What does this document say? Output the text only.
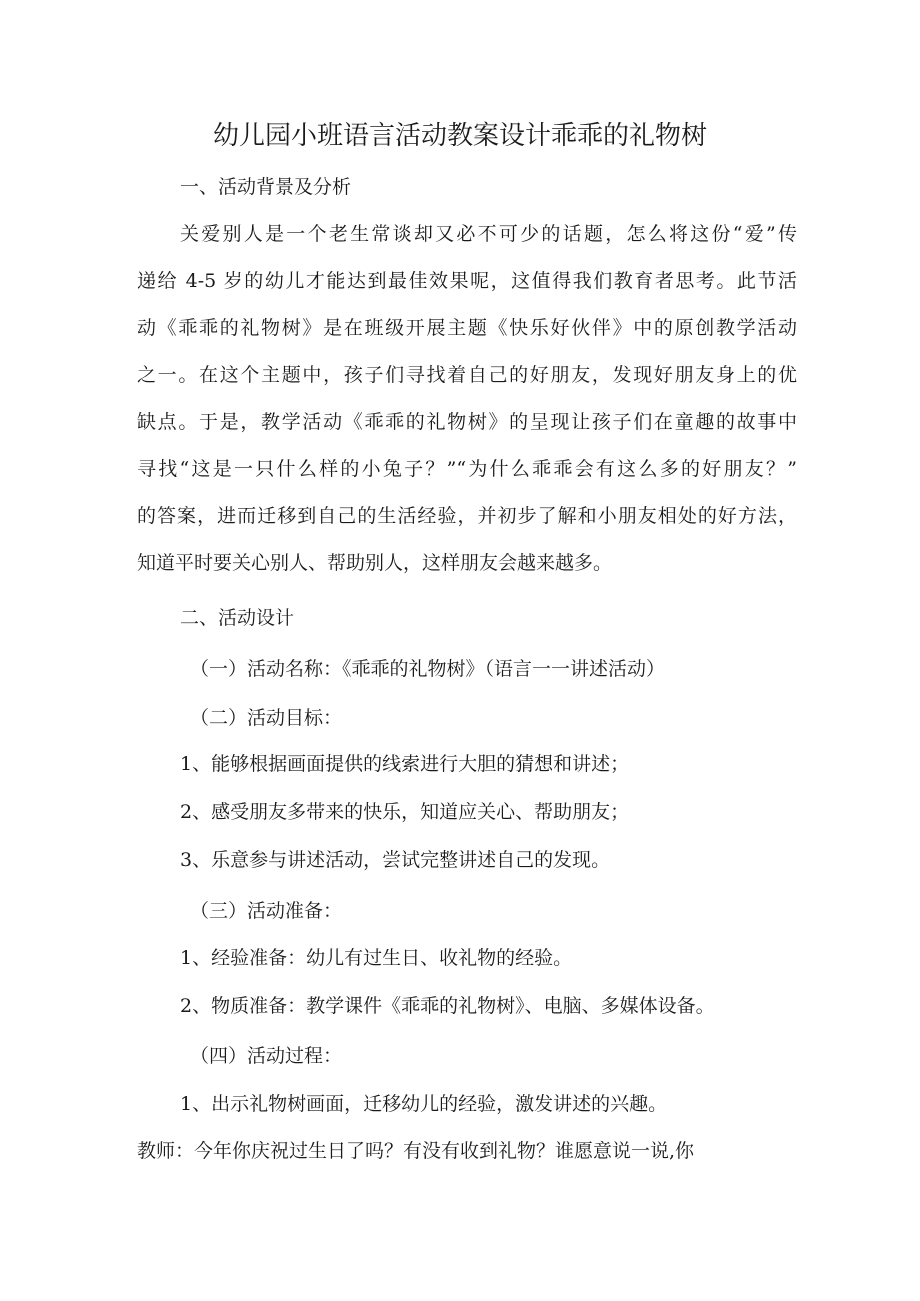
幼儿园小班语言活动教案设计乖乖的礼物树
一、活动背景及分析
关爱别人是一个老生常谈却又必不可少的话题，怎么将这份“爱”传
递给 4-5 岁的幼儿才能达到最佳效果呢，这值得我们教育者思考。此节活
动《乖乖的礼物树》是在班级开展主题《快乐好伙伴》中的原创教学活动
之一。在这个主题中，孩子们寻找着自己的好朋友，发现好朋友身上的优
缺点。于是，教学活动《乖乖的礼物树》的呈现让孩子们在童趣的故事中
寻找“这是一只什么样的小兔子？”“为什么乖乖会有这么多的好朋友？”
的答案，进而迁移到自己的生活经验，并初步了解和小朋友相处的好方法，
知道平时要关心别人、帮助别人，这样朋友会越来越多。
二、活动设计
（一）活动名称：《乖乖的礼物树》（语言一一讲述活动）
（二）活动目标：
1、能够根据画面提供的线索进行大胆的猜想和讲述；
2、感受朋友多带来的快乐，知道应关心、帮助朋友；
3、乐意参与讲述活动，尝试完整讲述自己的发现。
（三）活动准备：
1、经验准备：幼儿有过生日、收礼物的经验。
2、物质准备：教学课件《乖乖的礼物树》、电脑、多媒体设备。
（四）活动过程：
1、出示礼物树画面，迁移幼儿的经验，激发讲述的兴趣。
教师：今年你庆祝过生日了吗？有没有收到礼物？谁愿意说一说,你
